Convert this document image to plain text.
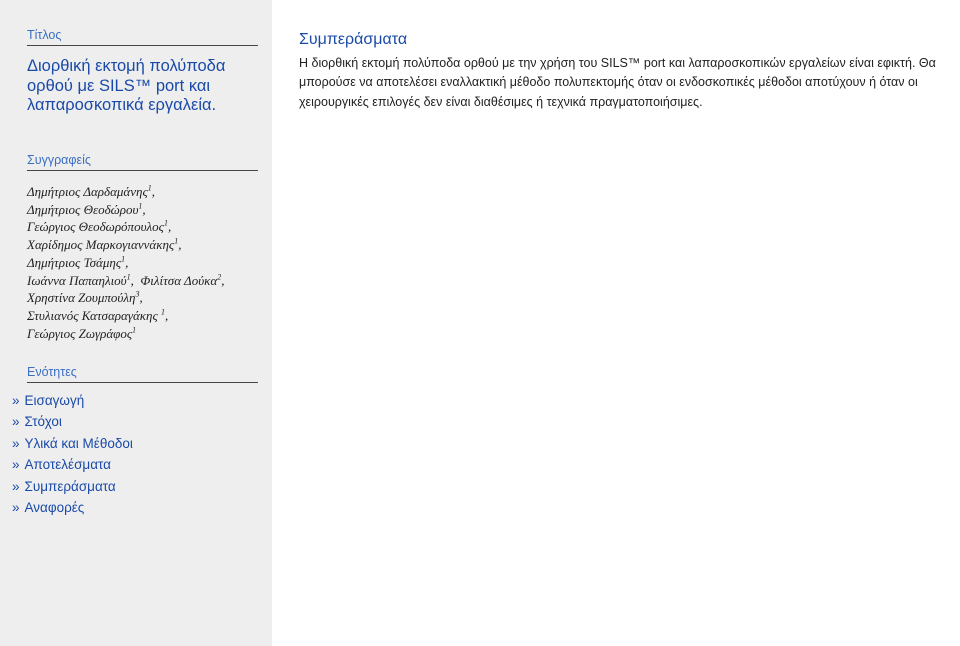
Τίτλος
Διορθική εκτομή πολύποδα ορθού με SILS™ port και λαπαροσκοπικά εργαλεία.
Συγγραφείς
Δημήτριος Δαρδαμάνης$^1$,
Δημήτριος Θεοδώρου$^1$,
Γεώργιος Θεοδωρόπουλος$^1$,
Χαρίδημος Μαρκογιαννάκης$^1$,
Δημήτριος Τσάμης$^1$,
Ιωάννα Παπαηλιού$^1$, Φιλίτσα Δούκα$^2$,
Χρηστίνα Ζουμπούλη$^3$,
Στυλιανός Κατσαραγάκης $^1$,
Γεώργιος Ζωγράφος$^1$
Ενότητες
» Εισαγωγή
» Στόχοι
» Υλικά και Μέθοδοι
» Αποτελέσματα
» Συμπεράσματα
» Αναφορές
Συμπεράσματα

Η διορθική εκτομή πολύποδα ορθού με την χρήση του SILS™ port και λαπαροσκοπικών εργαλείων είναι εφικτή. Θα μπορούσε να αποτελέσει εναλλακτική μέθοδο πολυπεκτομής όταν οι ενδοσκοπικές μέθοδοι αποτύχουν ή όταν οι χειρουργικές επιλογές δεν είναι διαθέσιμες ή τεχνικά πραγματοποιήσιμες.
